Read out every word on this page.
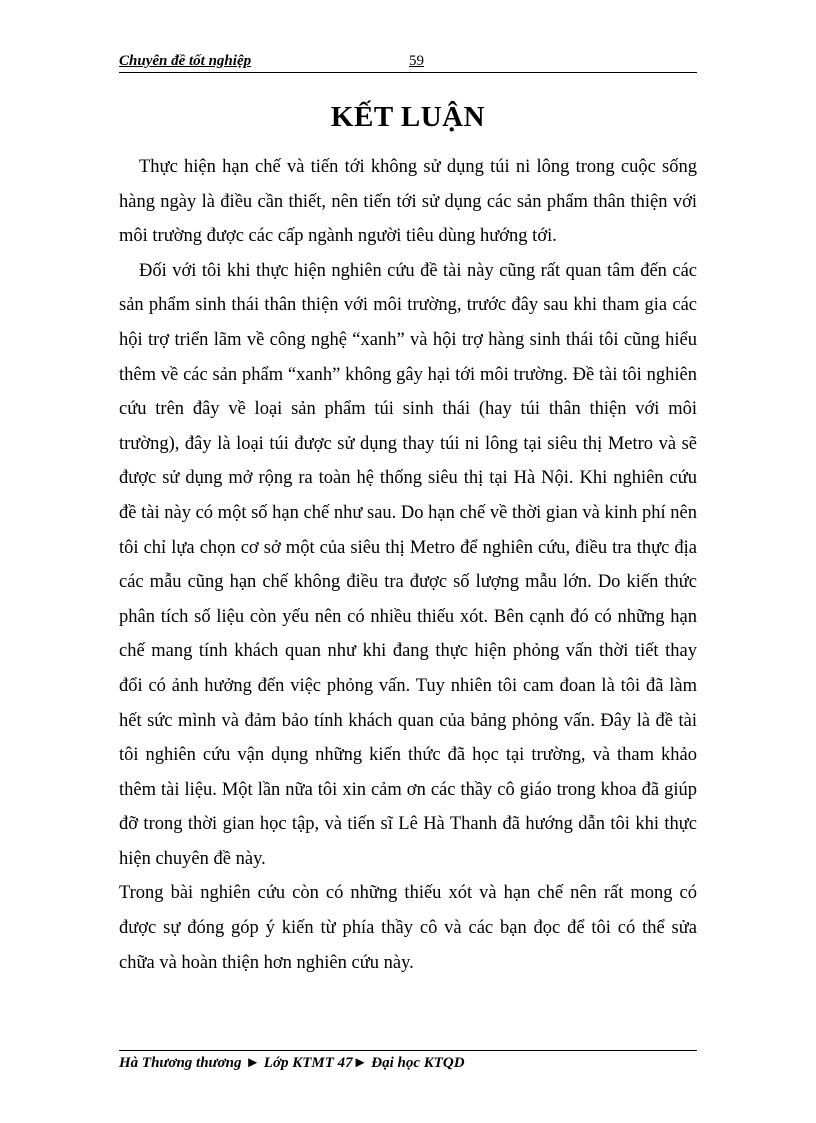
Chuyên đề tốt nghiệp	59
KẾT LUẬN

Thực hiện hạn chế và tiến tới không sử dụng túi ni lông trong cuộc sống hàng ngày là điều cần thiết, nên tiến tới sử dụng các sản phẩm thân thiện với môi trường được các cấp ngành người tiêu dùng hướng tới.

Đối với tôi khi thực hiện nghiên cứu đề tài này cũng rất quan tâm đến các sản phẩm sinh thái thân thiện với môi trường, trước đây sau khi tham gia các hội trợ triển lãm về công nghệ “xanh” và hội trợ hàng sinh thái tôi cũng hiểu thêm về các sản phẩm “xanh” không gây hại tới môi trường. Đề tài tôi nghiên cứu trên đây về loại sản phẩm túi sinh thái (hay túi thân thiện với môi trường), đây là loại túi được sử dụng thay túi ni lông tại siêu thị Metro và sẽ được sử dụng mở rộng ra toàn hệ thống siêu thị tại Hà Nội. Khi nghiên cứu đề tài này có một số hạn chế như sau. Do hạn chế về thời gian và kinh phí nên tôi chỉ lựa chọn cơ sở một của siêu thị Metro để nghiên cứu, điều tra thực địa các mẫu cũng hạn chế không điều tra được số lượng mẫu lớn. Do kiến thức phân tích số liệu còn yếu nên có nhiều thiếu xót. Bên cạnh đó có những hạn chế mang tính khách quan như khi đang thực hiện phỏng vấn thời tiết thay đổi có ảnh hưởng đến việc phỏng vấn. Tuy nhiên tôi cam đoan là tôi đã làm hết sức mình và đảm bảo tính khách quan của bảng phỏng vấn. Đây là đề tài tôi nghiên cứu vận dụng những kiến thức đã học tại trường, và tham khảo thêm tài liệu. Một lần nữa tôi xin cảm ơn các thầy cô giáo trong khoa đã giúp đỡ trong thời gian học tập, và tiến sĩ Lê Hà Thanh đã hướng dẫn tôi khi thực hiện chuyên đề này.

Trong bài nghiên cứu còn có những thiếu xót và hạn chế nên rất mong có được sự đóng góp ý kiến từ phía thầy cô và các bạn đọc để tôi có thể sửa chữa và hoàn thiện hơn nghiên cứu này.

Hà Thương thương ► Lớp KTMT 47► Đại học KTQD
